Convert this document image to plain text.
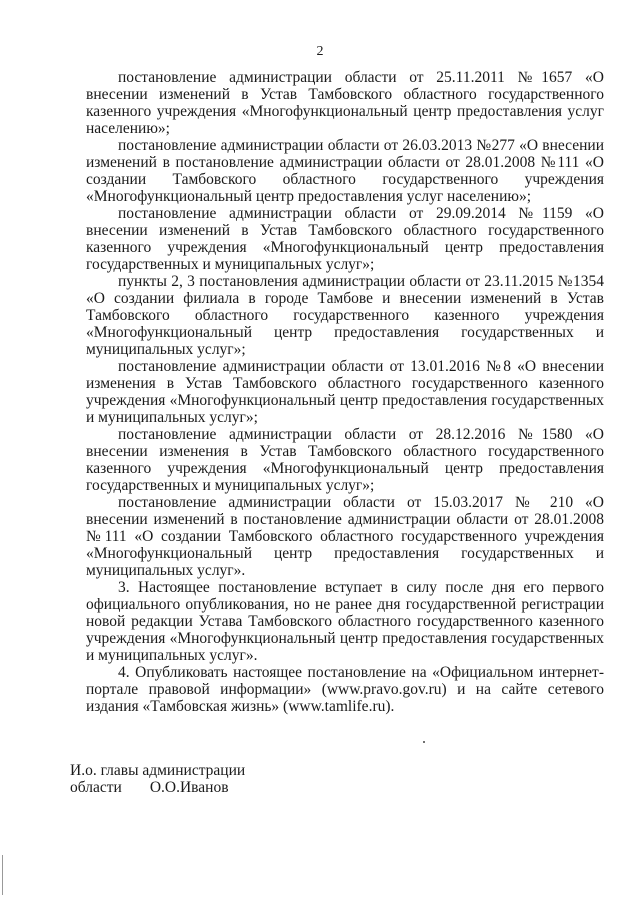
2

постановление администрации области от 25.11.2011 №1657 «О внесении изменений в Устав Тамбовского областного государственного казенного учреждения «Многофункциональный центр предоставления услуг населению»;

постановление администрации области от 26.03.2013 №277 «О внесении изменений в постановление администрации области от 28.01.2008 №111 «О создании Тамбовского областного государственного учреждения «Многофункциональный центр предоставления услуг населению»;

постановление администрации области от 29.09.2014 №1159 «О внесении изменений в Устав Тамбовского областного государственного казенного учреждения «Многофункциональный центр предоставления государственных и муниципальных услуг»;

пункты 2, 3 постановления администрации области от 23.11.2015 №1354 «О создании филиала в городе Тамбове и внесении изменений в Устав Тамбовского областного государственного казенного учреждения «Многофункциональный центр предоставления государственных и муниципальных услуг»;

постановление администрации области от 13.01.2016 №8 «О внесении изменения в Устав Тамбовского областного государственного казенного учреждения «Многофункциональный центр предоставления государственных и муниципальных услуг»;

постановление администрации области от 28.12.2016 №1580 «О внесении изменения в Устав Тамбовского областного государственного казенного учреждения «Многофункциональный центр предоставления государственных и муниципальных услуг»;

постановление администрации области от 15.03.2017 № 210 «О внесении изменений в постановление администрации области от 28.01.2008 №111 «О создании Тамбовского областного государственного учреждения «Многофункциональный центр предоставления государственных и муниципальных услуг».

3. Настоящее постановление вступает в силу после дня его первого официального опубликования, но не ранее дня государственной регистрации новой редакции Устава Тамбовского областного государственного казенного учреждения «Многофункциональный центр предоставления государственных и муниципальных услуг».

4. Опубликовать настоящее постановление на «Официальном интернет-портале правовой информации» (www.pravo.gov.ru) и на сайте сетевого издания «Тамбовская жизнь» (www.tamlife.ru).

И.о. главы администрации
области О.О.Иванов
